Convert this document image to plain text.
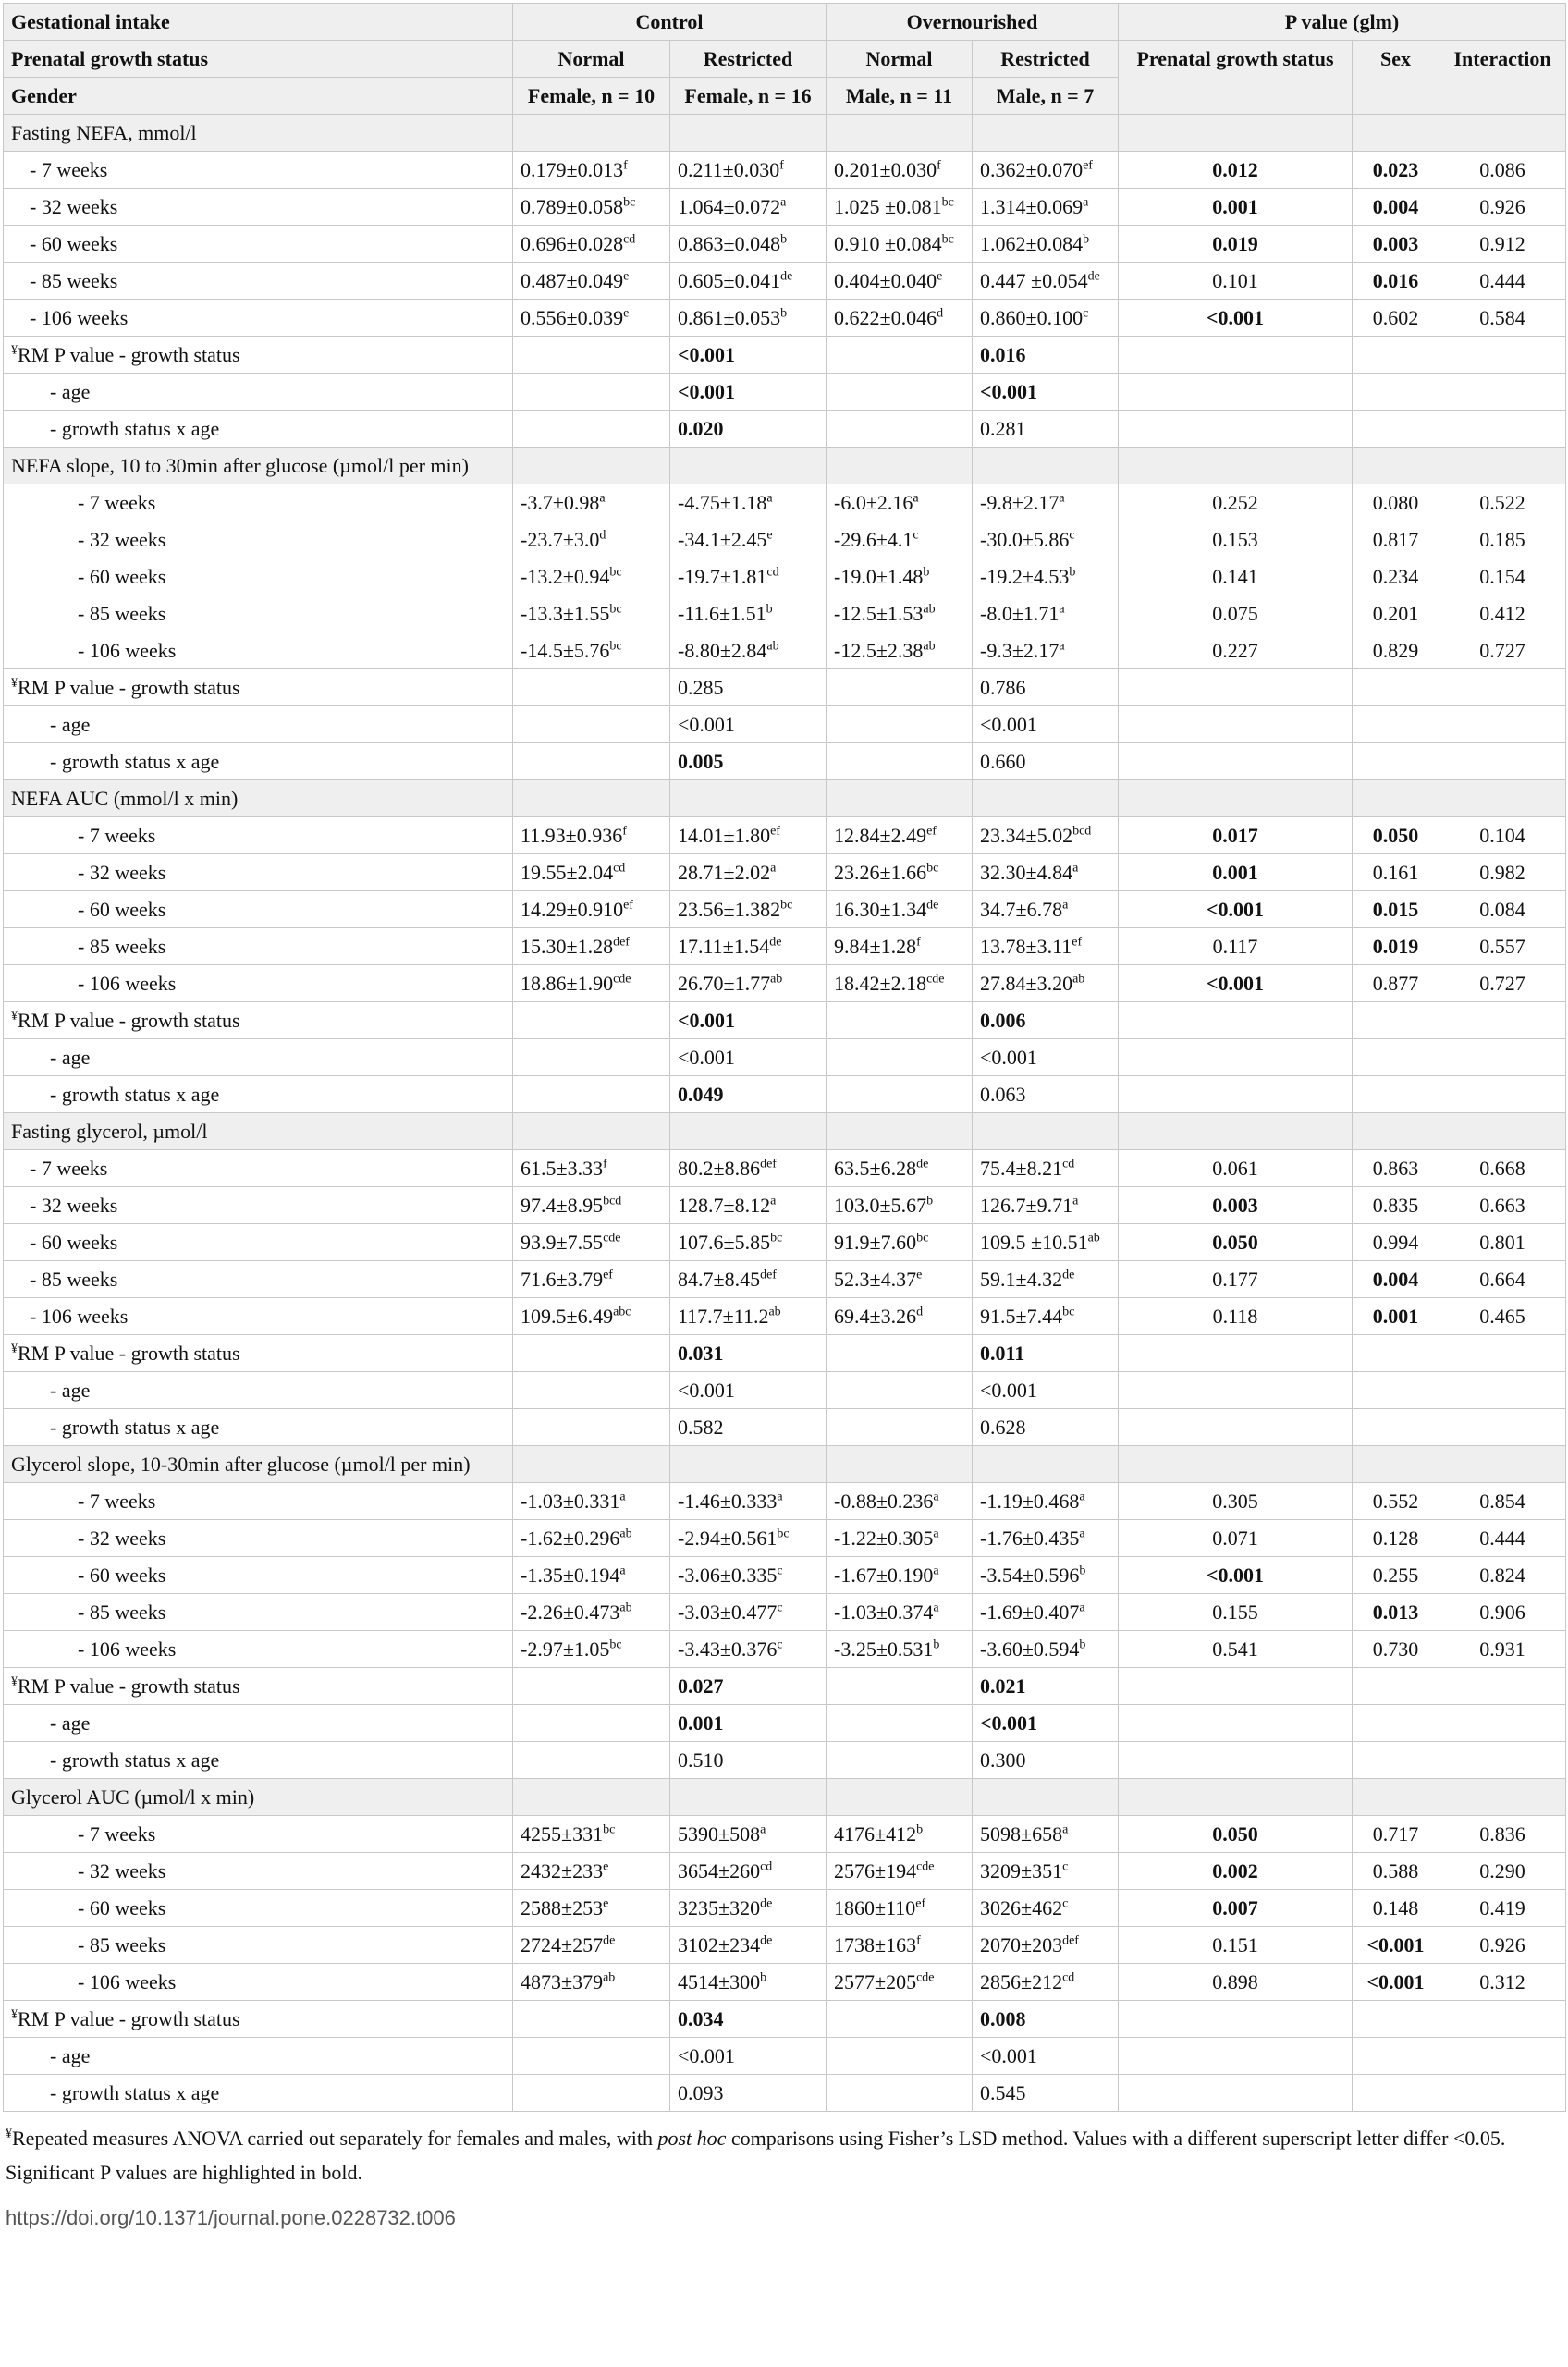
Gestational intake	Control		Overnourished		P value (glm)		
Prenatal growth status	Normal	Restricted	Normal	Restricted	Prenatal growth status	Sex	Interaction
Gender	Female, n = 10	Female, n = 16	Male, n = 11	Male, n = 7			
Fasting NEFA, mmol/l							
- 7 weeks	0.179±0.013$^f$	0.211±0.030$^f$	0.201±0.030$^f$	0.362±0.070$^{ef}$	0.012	0.023	0.086
- 32 weeks	0.789±0.058$^{bc}$	1.064±0.072$^a$	1.025 ±0.081$^{bc}$	1.314±0.069$^a$	0.001	0.004	0.926
- 60 weeks	0.696±0.028$^{cd}$	0.863±0.048$^b$	0.910 ±0.084$^{bc}$	1.062±0.084$^b$	0.019	0.003	0.912
- 85 weeks	0.487±0.049$^e$	0.605±0.041de	0.404±0.040$^e$	0.447 ±0.054de	0.101	0.016	0.444
- 106 weeks	0.556±0.039$^e$	0.861±0.053$^b$	0.622±0.046$^d$	0.860±0.100$^c$	<0.001	0.602	0.584
¥RM P value - growth status		<0.001		0.016			
- age		<0.001		<0.001			
- growth status x age		0.020		0.281			
NEFA slope, 10 to 30min after glucose (µmol/l per min)							
- 7 weeks	-3.7±0.98$^a$	-4.75±1.18$^a$	-6.0±2.16$^a$	-9.8±2.17$^a$	0.252	0.080	0.522
- 32 weeks	-23.7±3.0$^d$	-34.1±2.45$^e$	-29.6±4.1$^c$	-30.0±5.86$^c$	0.153	0.817	0.185
- 60 weeks	-13.2±0.94$^{bc}$	-19.7±1.81$^{cd}$	-19.0±1.48$^b$	-19.2±4.53$^b$	0.141	0.234	0.154
- 85 weeks	-13.3±1.55$^{bc}$	-11.6±1.51$^b$	-12.5±1.53$^{ab}$	-8.0±1.71$^a$	0.075	0.201	0.412
- 106 weeks	-14.5±5.76$^{bc}$	-8.80±2.84$^{ab}$	-12.5±2.38$^{ab}$	-9.3±2.17$^a$	0.227	0.829	0.727
¥RM P value - growth status		0.285		0.786			
- age		<0.001		<0.001			
- growth status x age		0.005		0.660			
NEFA AUC (mmol/l x min)							
- 7 weeks	11.93±0.936$^f$	14.01±1.80$^{ef}$	12.84±2.49$^{ef}$	23.34±5.02$^{bcd}$	0.017	0.050	0.104
- 32 weeks	19.55±2.04$^{cd}$	28.71±2.02$^a$	23.26±1.66$^{bc}$	32.30±4.84$^a$	0.001	0.161	0.982
- 60 weeks	14.29±0.910$^{ef}$	23.56±1.382$^{bc}$	16.30±1.34de	34.7±6.78$^a$	<0.001	0.015	0.084
- 85 weeks	15.30±1.28$^{def}$	17.11±1.54de	9.84±1.28$^f$	13.78±3.11$^{ef}$	0.117	0.019	0.557
- 106 weeks	18.86±1.90$^{cde}$	26.70±1.77$^{ab}$	18.42±2.18$^{cde}$	27.84±3.20$^{ab}$	<0.001	0.877	0.727
¥RM P value - growth status		<0.001		0.006			
- age		<0.001		<0.001			
- growth status x age		0.049		0.063			
Fasting glycerol, µmol/l							
- 7 weeks	61.5±3.33$^f$	80.2±8.86$^{def}$	63.5±6.28de	75.4±8.21$^{cd}$	0.061	0.863	0.668
- 32 weeks	97.4±8.95$^{bcd}$	128.7±8.12$^a$	103.0±5.67$^b$	126.7±9.71$^a$	0.003	0.835	0.663
- 60 weeks	93.9±7.55$^{cde}$	107.6±5.85$^{bc}$	91.9±7.60$^{bc}$	109.5 ±10.51$^{ab}$	0.050	0.994	0.801
- 85 weeks	71.6±3.79$^{ef}$	84.7±8.45$^{def}$	52.3±4.37$^e$	59.1±4.32de	0.177	0.004	0.664
- 106 weeks	109.5±6.49$^{abc}$	117.7±11.2$^{ab}$	69.4±3.26$^d$	91.5±7.44$^{bc}$	0.118	0.001	0.465
¥RM P value - growth status		0.031		0.011			
- age		<0.001		<0.001			
- growth status x age		0.582		0.628			
Glycerol slope, 10-30min after glucose (µmol/l per min)							
- 7 weeks	-1.03±0.331$^a$	-1.46±0.333$^a$	-0.88±0.236$^a$	-1.19±0.468$^a$	0.305	0.552	0.854
- 32 weeks	-1.62±0.296$^{ab}$	-2.94±0.561$^{bc}$	-1.22±0.305$^a$	-1.76±0.435$^a$	0.071	0.128	0.444
- 60 weeks	-1.35±0.194$^a$	-3.06±0.335$^c$	-1.67±0.190$^a$	-3.54±0.596$^b$	<0.001	0.255	0.824
- 85 weeks	-2.26±0.473$^{ab}$	-3.03±0.477$^c$	-1.03±0.374$^a$	-1.69±0.407$^a$	0.155	0.013	0.906
- 106 weeks	-2.97±1.05$^{bc}$	-3.43±0.376$^c$	-3.25±0.531$^b$	-3.60±0.594$^b$	0.541	0.730	0.931
¥RM P value - growth status		0.027		0.021			
- age		0.001		<0.001			
- growth status x age		0.510		0.300			
Glycerol AUC (µmol/l x min)							
- 7 weeks	$4255\pm 331^{bc}$	$5390\pm 508^a$	$4176\pm 412^b$	$5098\pm 658^a$	0.050	0.717	0.836
- 32 weeks	$2432\pm 233^e$	$3654\pm 260^{cd}$	$2576\pm 194^{cde}$	$3209\pm 351^c$	0.002	0.588	0.290
- 60 weeks	$2588\pm 253^e$	3235±320de	$1860\pm 110^{ef}$	$3026\pm 462^c$	0.007	0.148	0.419
- 85 weeks	2724±257de	3102±234de	$1738\pm 163^f$	$2070\pm 203^{def}$	0.151	<0.001	0.926
- 106 weeks	$4873\pm 379^{ab}$	$4514\pm 300^b$	$2577\pm 205^{cde}$	$2856\pm 212^{cd}$	0.898	<0.001	0.312
¥RM P value - growth status		0.034		0.008			
- age		<0.001		<0.001			
- growth status x age		0.093		0.545			
¥Repeated measures ANOVA carried out separately for females and males, with post hoc comparisons using Fisher’s LSD method. Values with a different superscript letter differ <0.05. Significant P values are highlighted in bold.
https://doi.org/10.1371/journal.pone.0228732.t006
